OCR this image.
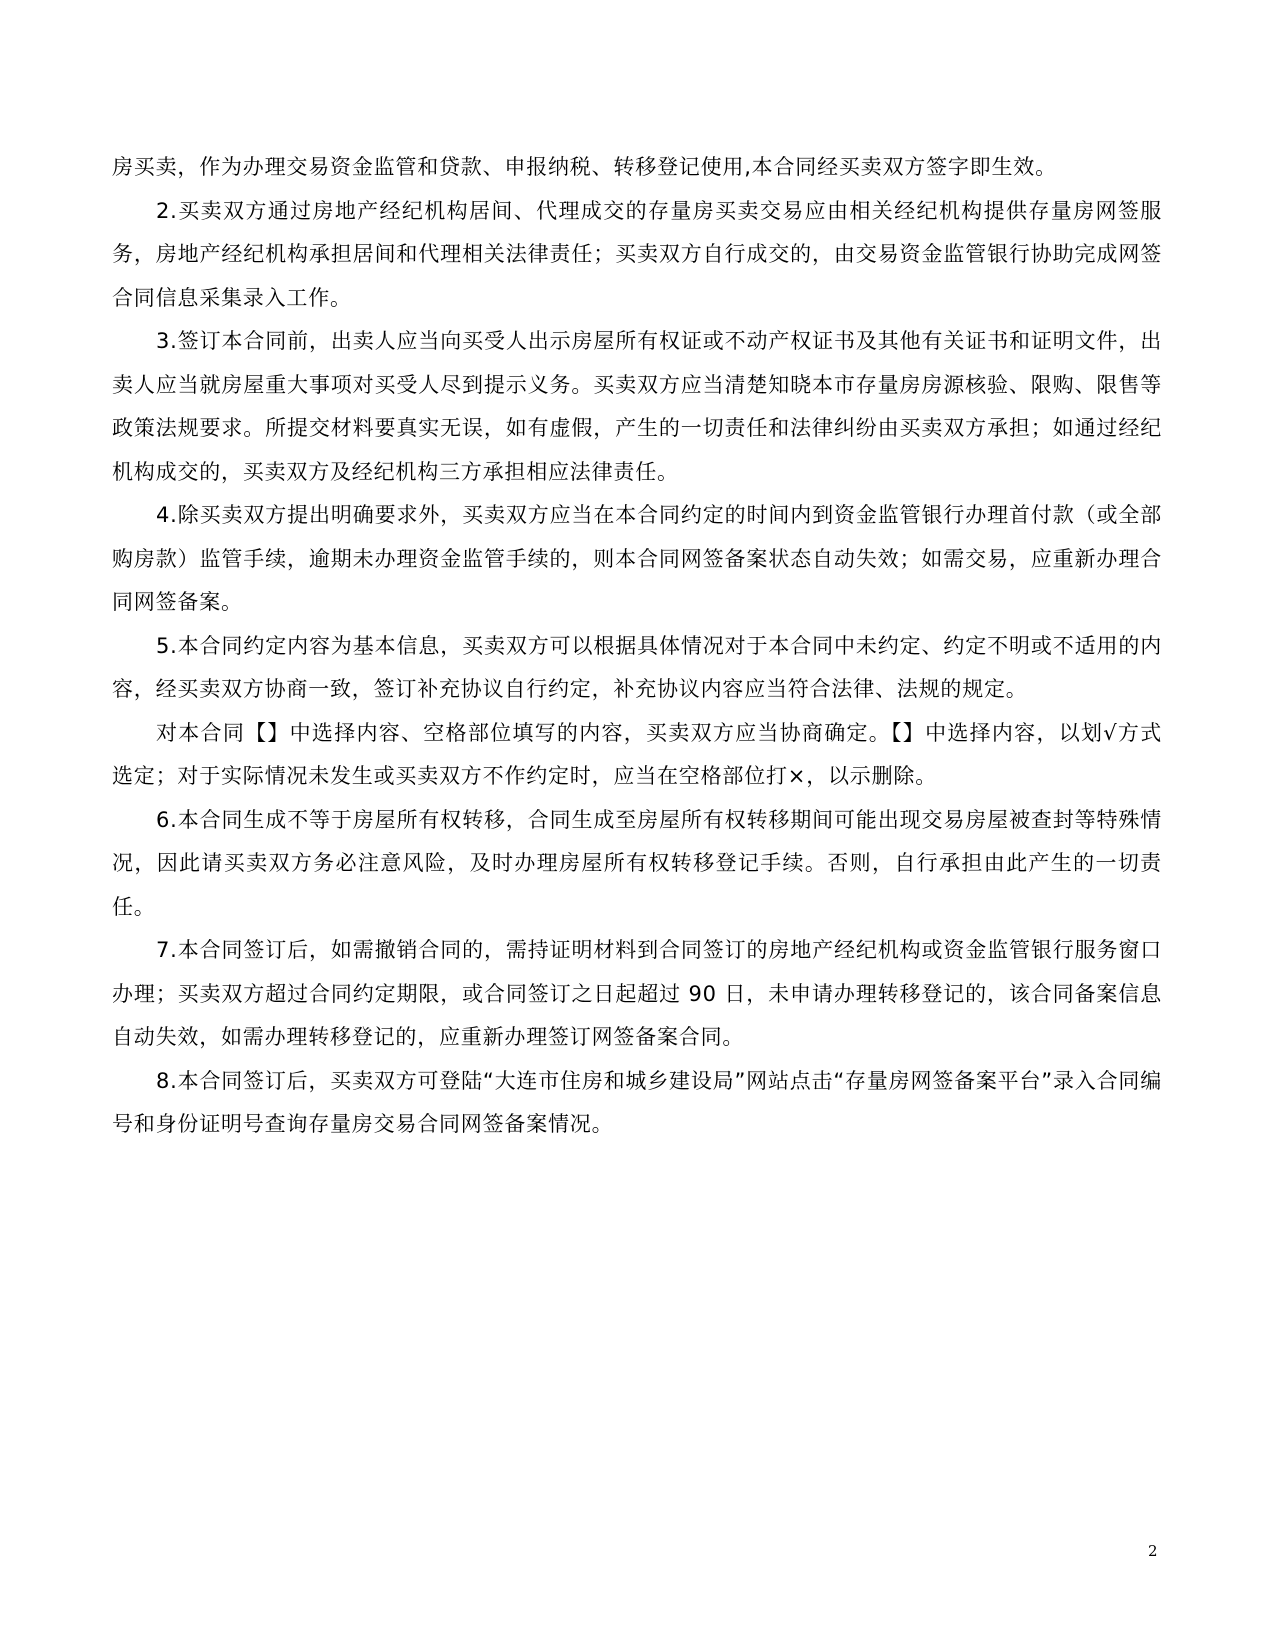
房买卖，作为办理交易资金监管和贷款、申报纳税、转移登记使用,本合同经买卖双方签字即生效。

2.买卖双方通过房地产经纪机构居间、代理成交的存量房买卖交易应由相关经纪机构提供存量房网签服务，房地产经纪机构承担居间和代理相关法律责任；买卖双方自行成交的，由交易资金监管银行协助完成网签合同信息采集录入工作。

3.签订本合同前，出卖人应当向买受人出示房屋所有权证或不动产权证书及其他有关证书和证明文件，出卖人应当就房屋重大事项对买受人尽到提示义务。买卖双方应当清楚知晓本市存量房房源核验、限购、限售等政策法规要求。所提交材料要真实无误，如有虚假，产生的一切责任和法律纠纷由买卖双方承担；如通过经纪机构成交的，买卖双方及经纪机构三方承担相应法律责任。

4.除买卖双方提出明确要求外，买卖双方应当在本合同约定的时间内到资金监管银行办理首付款（或全部购房款）监管手续，逾期未办理资金监管手续的，则本合同网签备案状态自动失效；如需交易，应重新办理合同网签备案。

5.本合同约定内容为基本信息，买卖双方可以根据具体情况对于本合同中未约定、约定不明或不适用的内容，经买卖双方协商一致，签订补充协议自行约定，补充协议内容应当符合法律、法规的规定。

对本合同【】中选择内容、空格部位填写的内容，买卖双方应当协商确定。【】中选择内容，以划√方式选定；对于实际情况未发生或买卖双方不作约定时，应当在空格部位打×，以示删除。

6.本合同生成不等于房屋所有权转移，合同生成至房屋所有权转移期间可能出现交易房屋被查封等特殊情况，因此请买卖双方务必注意风险，及时办理房屋所有权转移登记手续。否则，自行承担由此产生的一切责任。

7.本合同签订后，如需撤销合同的，需持证明材料到合同签订的房地产经纪机构或资金监管银行服务窗口办理；买卖双方超过合同约定期限，或合同签订之日起超过 90 日，未申请办理转移登记的，该合同备案信息自动失效，如需办理转移登记的，应重新办理签订网签备案合同。

8.本合同签订后，买卖双方可登陆“大连市住房和城乡建设局”网站点击“存量房网签备案平台”录入合同编号和身份证明号查询存量房交易合同网签备案情况。

2
